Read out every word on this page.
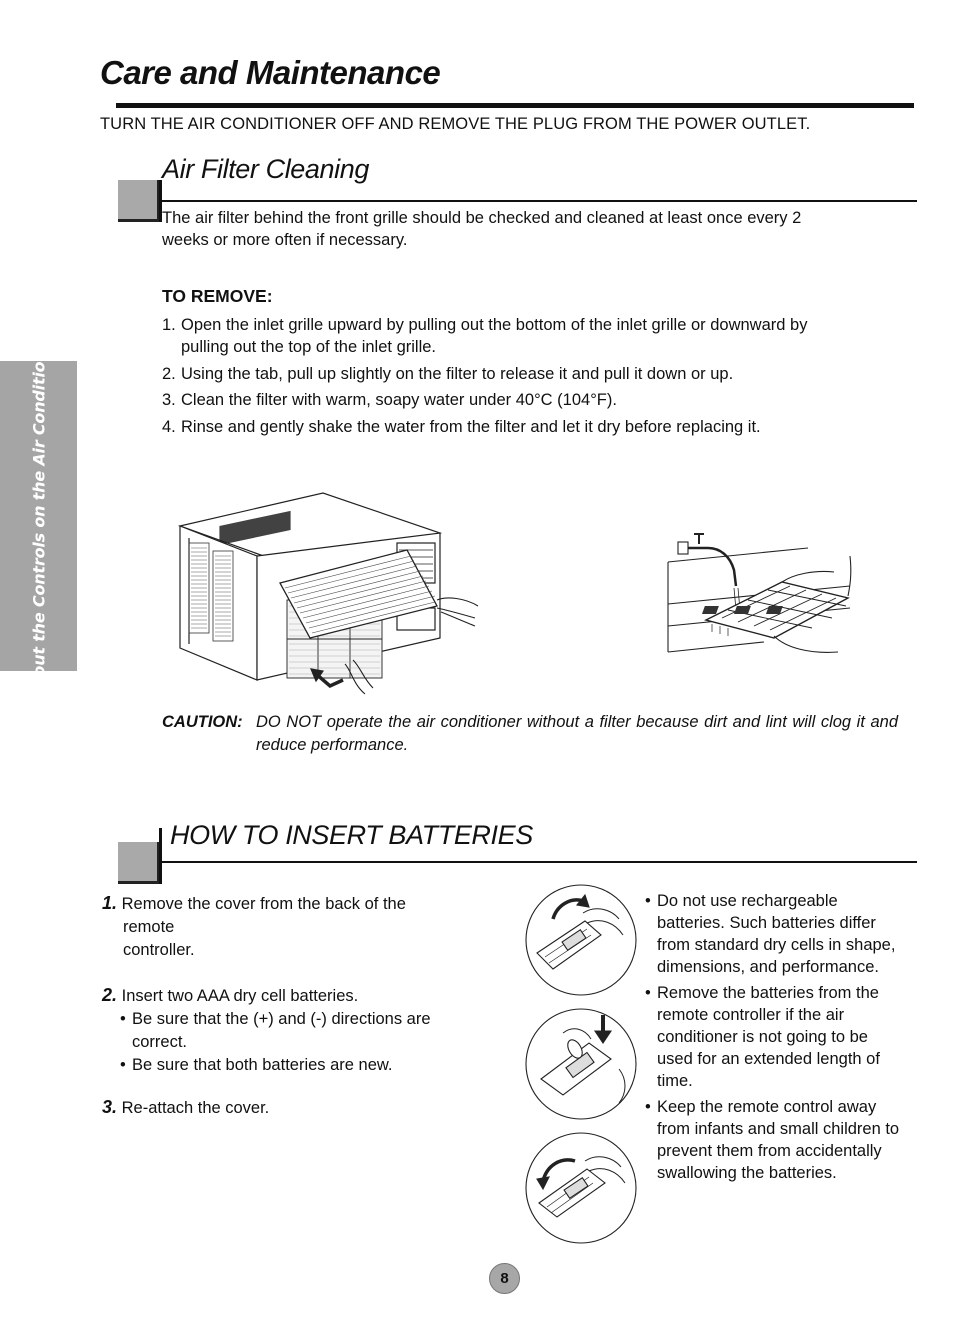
Care and Maintenance
TURN THE AIR CONDITIONER OFF AND REMOVE THE PLUG FROM THE POWER OUTLET.
About the Controls on the Air Conditioner
Air Filter Cleaning
The air filter behind the front grille should be checked and cleaned at least once every 2
weeks or more often if necessary.
TO REMOVE:
1. Open the inlet grille upward by pulling out the bottom of the inlet grille or downward by
pulling out the top of the inlet grille.
2. Using the tab, pull up slightly on the filter to release it and pull it down or up.
3. Clean the filter with warm, soapy water under 40°C (104°F).
4. Rinse and gently shake the water from the filter and let it dry before replacing it.
CAUTION: DO NOT operate the air conditioner without a filter because dirt and lint will clog it and reduce performance.
HOW TO INSERT BATTERIES
1. Remove the cover from the back of the
remote
controller.
2. Insert two AAA dry cell batteries.
• Be sure that the (+) and (-) directions are
correct.
• Be sure that both batteries are new.
3. Re-attach the cover.
• Do not use rechargeable batteries. Such batteries differ from standard dry cells in shape, dimensions, and performance.
• Remove the batteries from the remote controller if the air conditioner is not going to be used for an extended length of time.
• Keep the remote control away from infants and small children to prevent them from accidentally swallowing the batteries.
8
